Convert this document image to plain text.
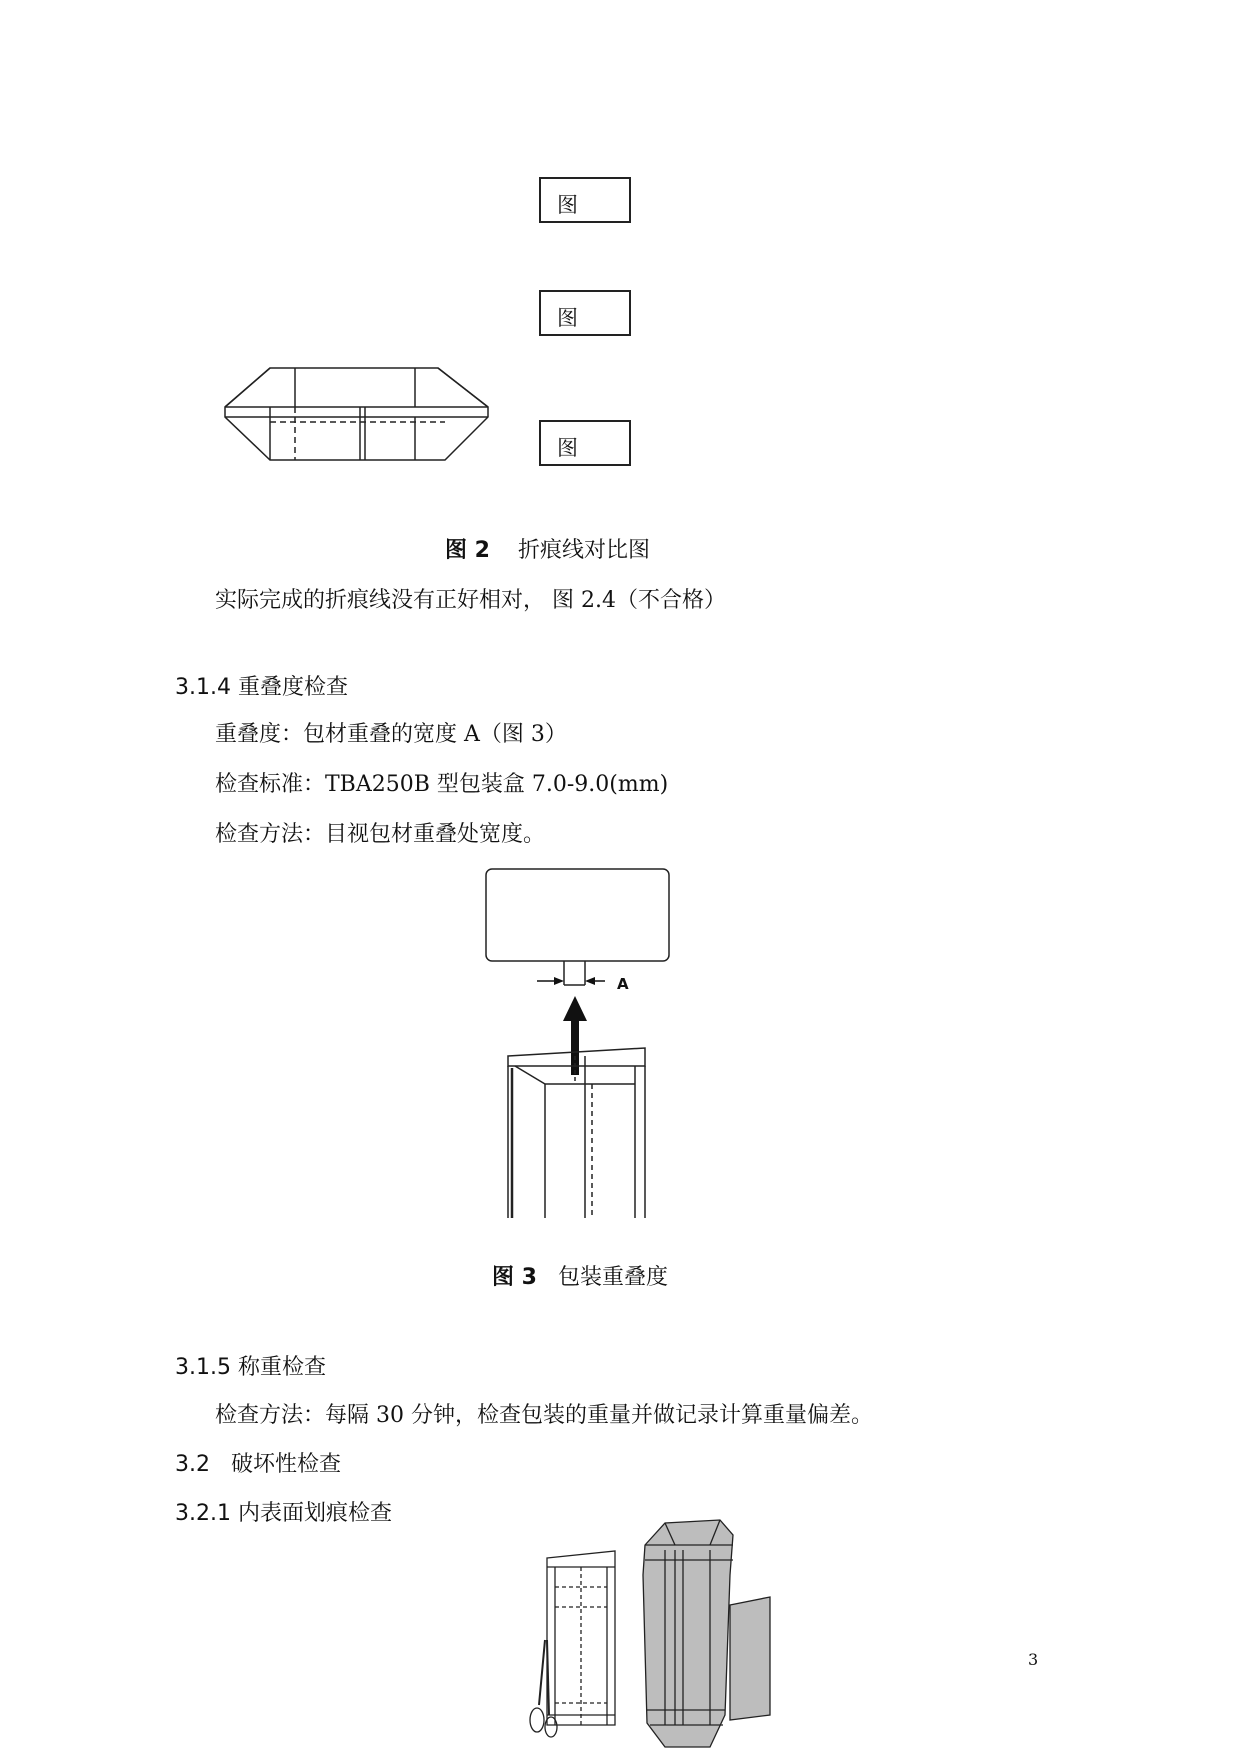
图
图
图
图 2 折痕线对比图
实际完成的折痕线没有正好相对， 图 2.4（不合格）
3.1.4 重叠度检查
重叠度：包材重叠的宽度 A（图 3）
检查标准：TBA250B 型包装盒 7.0-9.0(mm)
检查方法：目视包材重叠处宽度。
A
图 3 包装重叠度
3.1.5 称重检查
检查方法：每隔 30 分钟，检查包装的重量并做记录计算重量偏差。
3.2   破坏性检查
3.2.1 内表面划痕检查
3
